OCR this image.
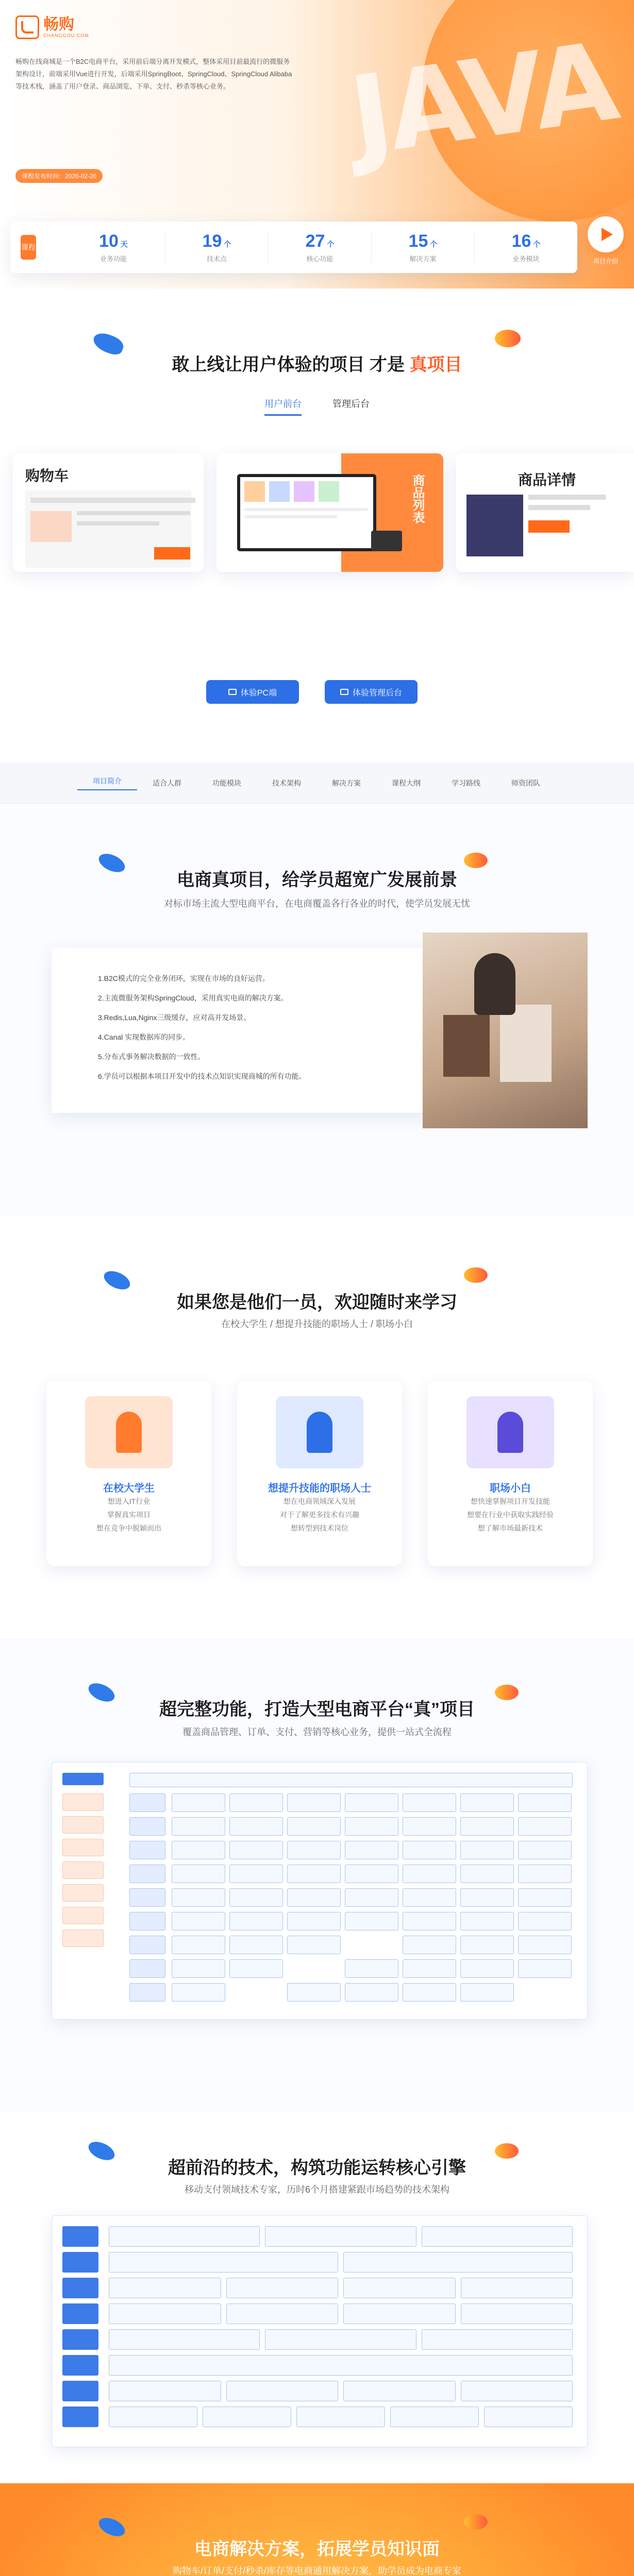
JAVA
畅购
CHANGGOU.COM
畅购在线商城是一个B2C电商平台，采用前后端分离开发模式，整体采用目前最流行的微服务架构设计，前端采用Vue进行开发，后端采用SpringBoot、SpringCloud、SpringCloud Alibaba等技术栈，涵盖了用户登录、商品浏览、下单、支付、秒杀等核心业务。
课程发布时间：2020-02-20
课程	10 天
业务功能
19 个
技术点
27 个
核心功能
15 个
解决方案
16 个
业务模块	项目介绍
敢上线让用户体验的项目 才是 真项目
用户前台	管理后台
购物车	商品列表	商品详情
体验PC端	体验管理后台
项目简介	适合人群	功能模块	技术架构	解决方案	课程大纲	学习路线	师资团队
电商真项目，给学员超宽广发展前景
对标市场主流大型电商平台，在电商覆盖各行各业的时代，使学员发展无忧
1.B2C模式的完全业务闭环，实现在市场的良好运营。
2.主流微服务架构SpringCloud，采用真实电商的解决方案。
3.Redis,Lua,Nginx三级缓存，应对高并发场景。
4.Canal 实现数据库的同步。
5.分布式事务解决数据的一致性。
6.学员可以根据本项目开发中的技术点知识实现商城的所有功能。
如果您是他们一员，欢迎随时来学习
在校大学生 / 想提升技能的职场人士 / 职场小白
在校大学生
想进入IT行业
掌握真实项目
想在竞争中脱颖而出
想提升技能的职场人士
想在电商领域深入发展
对于了解更多技术有兴趣
想转型到技术岗位
职场小白
想快速掌握项目开发技能
想要在行业中获取实践经验
想了解市场最新技术
超完整功能，打造大型电商平台“真”项目
覆盖商品管理、订单、支付、营销等核心业务，提供一站式全流程
超前沿的技术，构筑功能运转核心引擎
移动支付领域技术专家，历时6个月搭建紧跟市场趋势的技术架构
电商解决方案，拓展学员知识面
购物车/订单/支付/秒杀/库存等电商通用解决方案，助学员成为电商专家
